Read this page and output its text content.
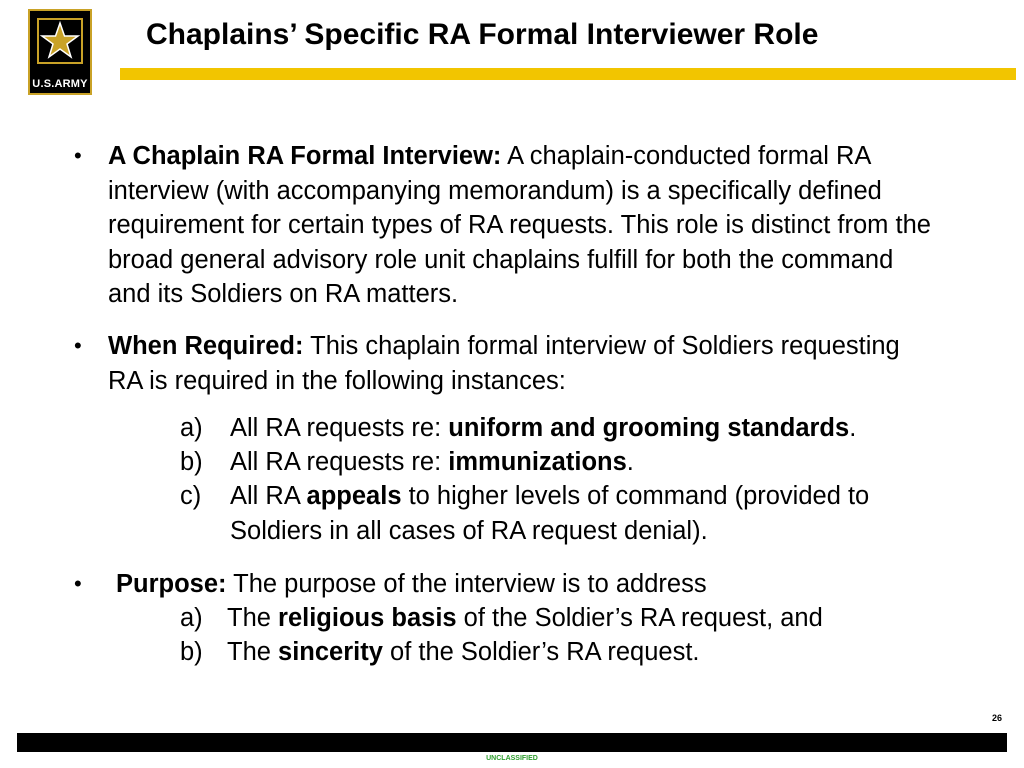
U.S.ARMY
Chaplains’ Specific RA Formal Interviewer Role

• A Chaplain RA Formal Interview: A chaplain-conducted formal RA interview (with accompanying memorandum) is a specifically defined requirement for certain types of RA requests. This role is distinct from the broad general advisory role unit chaplains fulfill for both the command and its Soldiers on RA matters.

• When Required: This chaplain formal interview of Soldiers requesting RA is required in the following instances:

a)	All RA requests re: uniform and grooming standards.
b)	All RA requests re: immunizations.
c)	All RA appeals to higher levels of command (provided to Soldiers in all cases of RA request denial).

• Purpose: The purpose of the interview is to address

a) The religious basis of the Soldier’s RA request, and
b) The sincerity of the Soldier’s RA request.
26
UNCLASSIFIED
